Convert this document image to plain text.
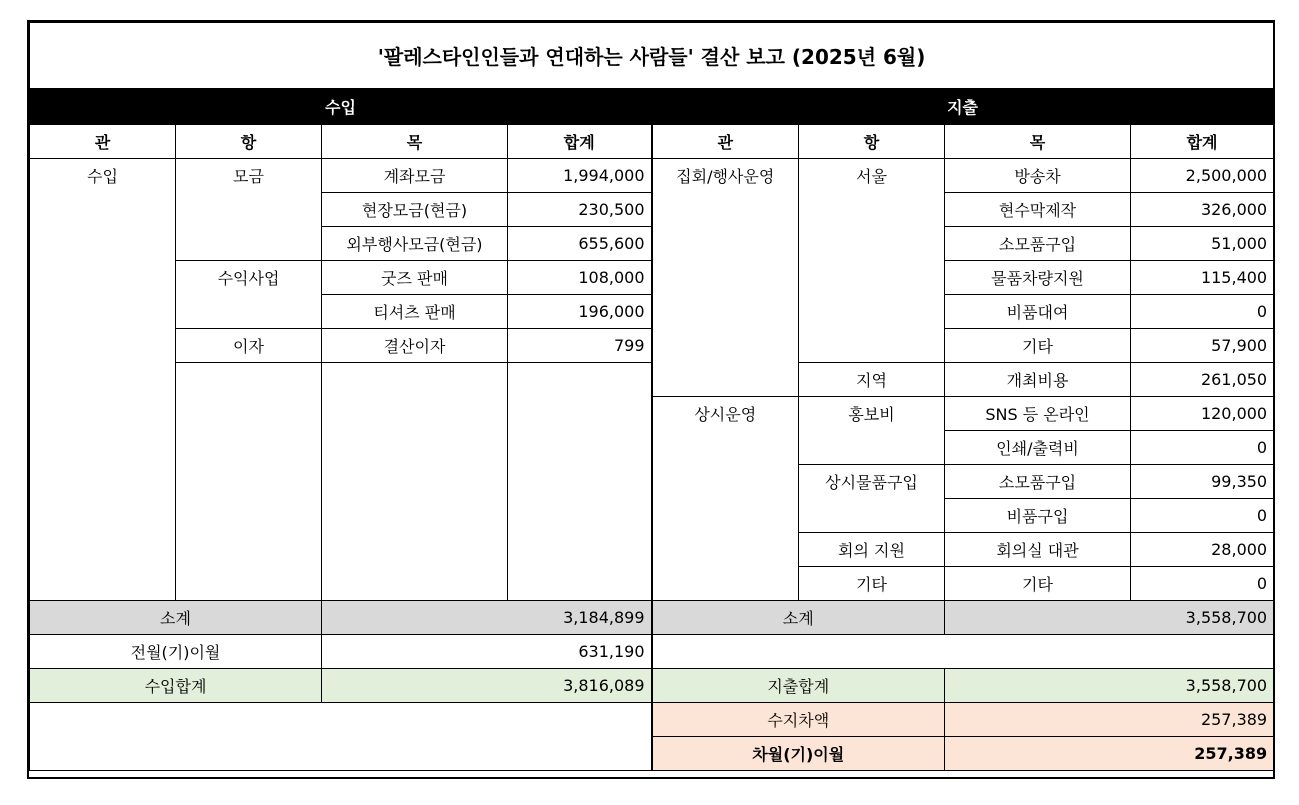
'팔레스타인인들과 연대하는 사람들' 결산 보고 (2025년 6월)							
수입				지출			
관	항	목	합계	관	항	목	합계
수입	모금	계좌모금	1,994,000	집회/행사운영	서울	방송차	2,500,000
		현장모금(현금)	230,500			현수막제작	326,000
		외부행사모금(현금)	655,600			소모품구입	51,000
	수익사업	굿즈 판매	108,000			물품차량지원	115,400
		티셔츠 판매	196,000			비품대여	0
	이자	결산이자	799			기타	57,900
					지역	개최비용	261,050
				상시운영	홍보비	SNS 등 온라인	120,000
						인쇄/출력비	0
					상시물품구입	소모품구입	99,350
						비품구입	0
					회의 지원	회의실 대관	28,000
					기타	기타	0
소계		3,184,899		소계		3,558,700	
전월(기)이월		631,190					
수입합계		3,816,089		지출합계		3,558,700	
				수지차액		257,389	
				차월(기)이월		257,389	
